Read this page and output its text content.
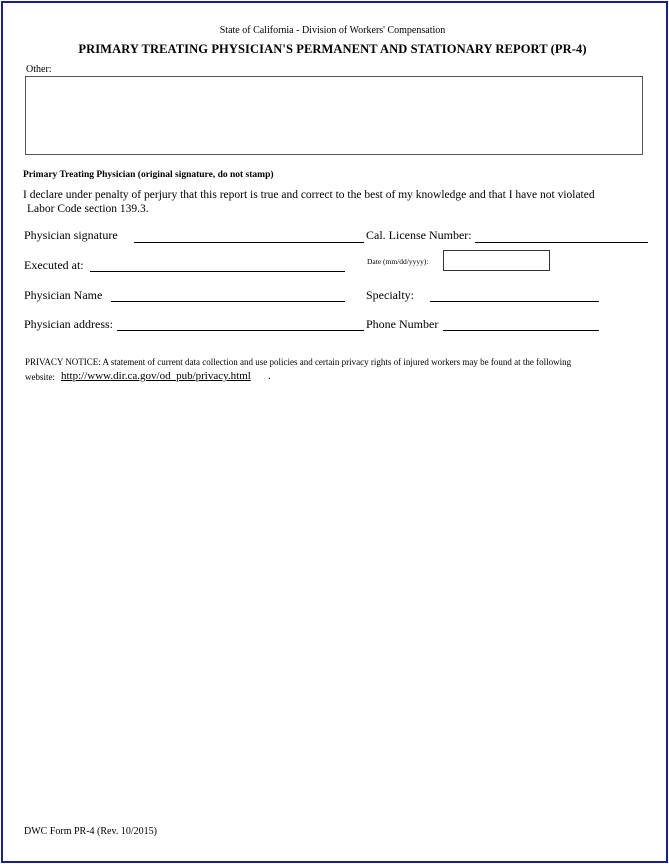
State of California - Division of Workers' Compensation
PRIMARY TREATING PHYSICIAN'S PERMANENT AND STATIONARY REPORT (PR-4)
Other:
Primary Treating Physician (original signature, do not stamp)
I declare under penalty of perjury that this report is true and correct to the best of my knowledge and that I have not violated
Labor Code section 139.3.
Physician signature	Cal. License Number:
Executed at:	Date (mm/dd/yyyy):
Physician Name	Specialty:
Physician address:	Phone Number
PRIVACY NOTICE: A statement of current data collection and use policies and certain privacy rights of injured workers may be found at the following
website: http://www.dir.ca.gov/od_pub/privacy.html .
DWC Form PR-4 (Rev. 10/2015)
